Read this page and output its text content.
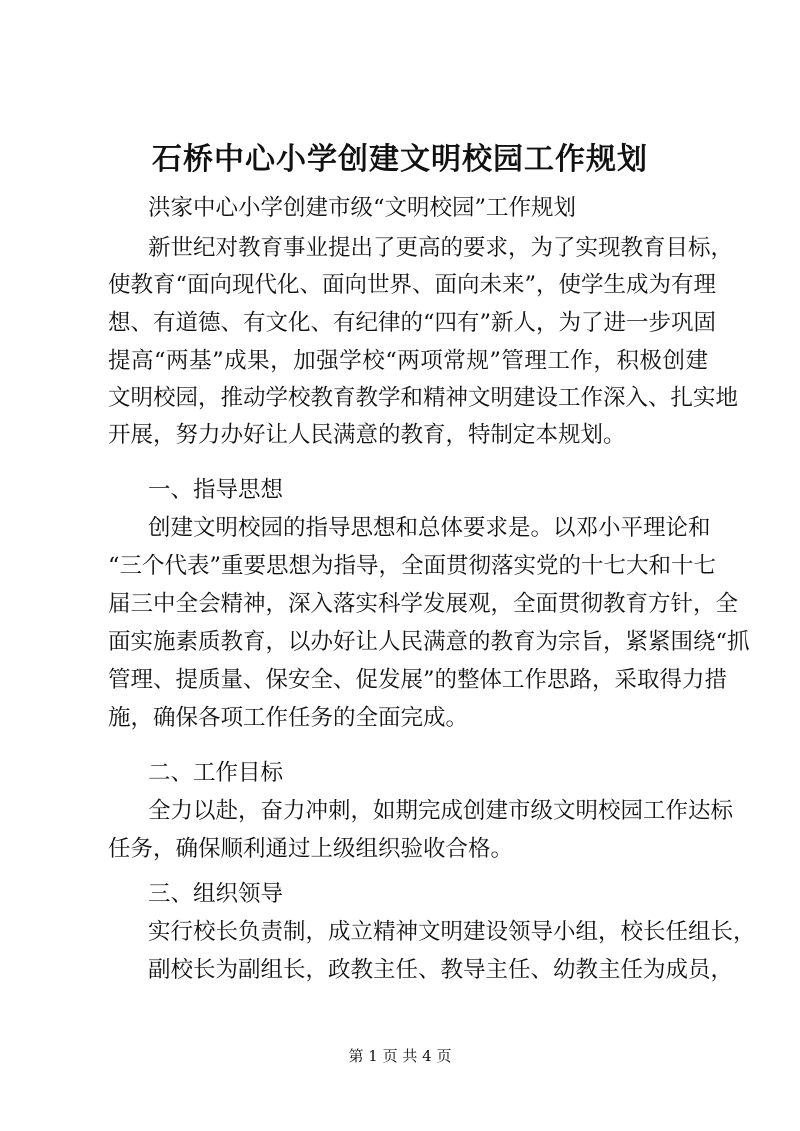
石桥中心小学创建文明校园工作规划
洪家中心小学创建市级“文明校园”工作规划
新世纪对教育事业提出了更高的要求，为了实现教育目标，
使教育“面向现代化、面向世界、面向未来”，使学生成为有理
想、有道德、有文化、有纪律的“四有”新人，为了进一步巩固
提高“两基”成果，加强学校“两项常规”管理工作，积极创建
文明校园，推动学校教育教学和精神文明建设工作深入、扎实地
开展，努力办好让人民满意的教育，特制定本规划。
一、指导思想
创建文明校园的指导思想和总体要求是。以邓小平理论和
“三个代表”重要思想为指导，全面贯彻落实党的十七大和十七
届三中全会精神，深入落实科学发展观，全面贯彻教育方针，全
面实施素质教育，以办好让人民满意的教育为宗旨，紧紧围绕“抓
管理、提质量、保安全、促发展”的整体工作思路，采取得力措
施，确保各项工作任务的全面完成。
二、工作目标
全力以赴，奋力冲刺，如期完成创建市级文明校园工作达标
任务，确保顺利通过上级组织验收合格。
三、组织领导
实行校长负责制，成立精神文明建设领导小组，校长任组长，
副校长为副组长，政教主任、教导主任、幼教主任为成员，
第 1 页 共 4 页
